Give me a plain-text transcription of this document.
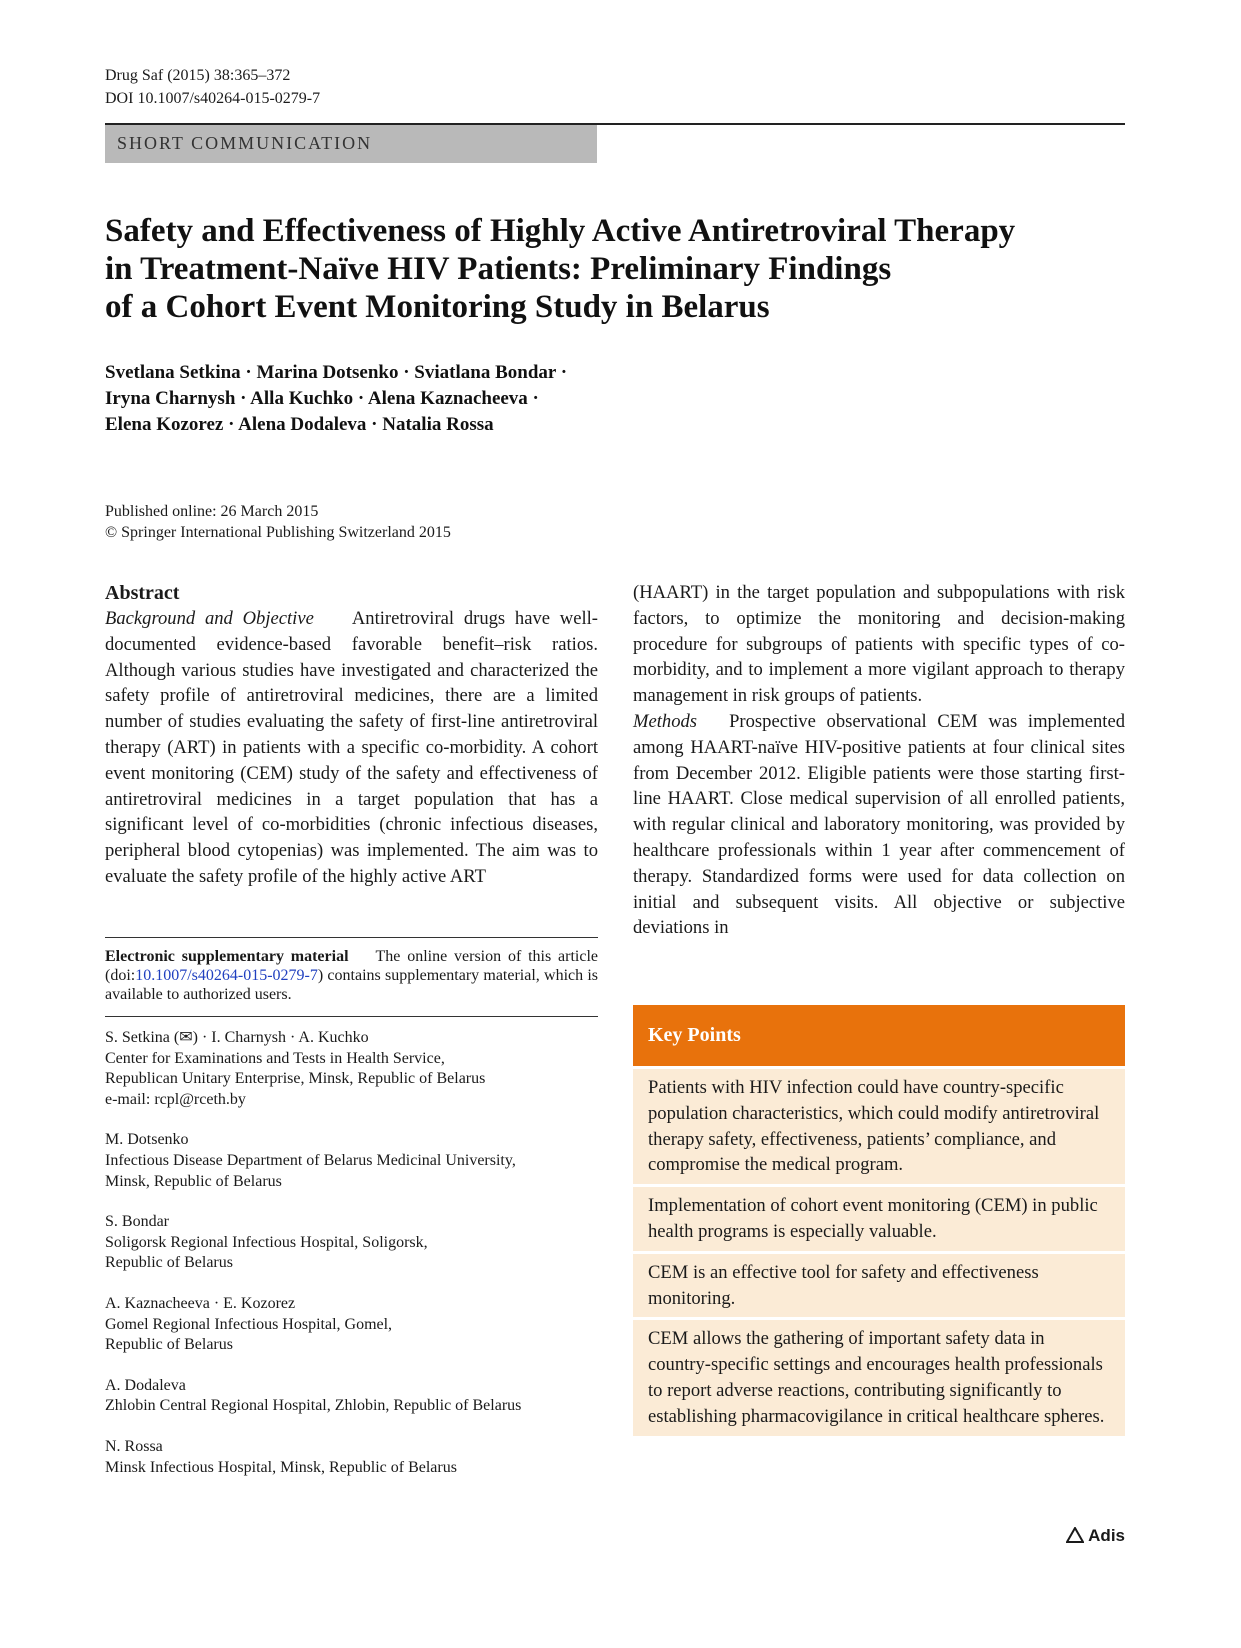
Drug Saf (2015) 38:365–372
DOI 10.1007/s40264-015-0279-7
SHORT COMMUNICATION
Safety and Effectiveness of Highly Active Antiretroviral Therapy
in Treatment-Naïve HIV Patients: Preliminary Findings
of a Cohort Event Monitoring Study in Belarus
Svetlana Setkina · Marina Dotsenko · Sviatlana Bondar ·
Iryna Charnysh · Alla Kuchko · Alena Kaznacheeva ·
Elena Kozorez · Alena Dodaleva · Natalia Rossa
Published online: 26 March 2015
© Springer International Publishing Switzerland 2015
Abstract
Background and Objective Antiretroviral drugs have well-documented evidence-based favorable benefit–risk ratios. Although various studies have investigated and characterized the safety profile of antiretroviral medicines, there are a limited number of studies evaluating the safety of first-line antiretroviral therapy (ART) in patients with a specific co-morbidity. A cohort event monitoring (CEM) study of the safety and effectiveness of antiretroviral medicines in a target population that has a significant level of co-morbidities (chronic infectious diseases, peripheral blood cytopenias) was implemented. The aim was to evaluate the safety profile of the highly active ART
(HAART) in the target population and subpopulations with risk factors, to optimize the monitoring and decision-making procedure for subgroups of patients with specific types of co-morbidity, and to implement a more vigilant approach to therapy management in risk groups of patients.
Methods Prospective observational CEM was implemented among HAART-naïve HIV-positive patients at four clinical sites from December 2012. Eligible patients were those starting first-line HAART. Close medical supervision of all enrolled patients, with regular clinical and laboratory monitoring, was provided by healthcare professionals within 1 year after commencement of therapy. Standardized forms were used for data collection on initial and subsequent visits. All objective or subjective deviations in
Electronic supplementary material The online version of this article (doi:10.1007/s40264-015-0279-7) contains supplementary material, which is available to authorized users.
S. Setkina (✉) · I. Charnysh · A. Kuchko
Center for Examinations and Tests in Health Service,
Republican Unitary Enterprise, Minsk, Republic of Belarus
e-mail: rcpl@rceth.by
M. Dotsenko
Infectious Disease Department of Belarus Medicinal University,
Minsk, Republic of Belarus
S. Bondar
Soligorsk Regional Infectious Hospital, Soligorsk,
Republic of Belarus
A. Kaznacheeva · E. Kozorez
Gomel Regional Infectious Hospital, Gomel,
Republic of Belarus
A. Dodaleva
Zhlobin Central Regional Hospital, Zhlobin, Republic of Belarus
N. Rossa
Minsk Infectious Hospital, Minsk, Republic of Belarus
Key Points
Patients with HIV infection could have country-specific population characteristics, which could modify antiretroviral therapy safety, effectiveness, patients’ compliance, and compromise the medical program.
Implementation of cohort event monitoring (CEM) in public health programs is especially valuable.
CEM is an effective tool for safety and effectiveness monitoring.
CEM allows the gathering of important safety data in country-specific settings and encourages health professionals to report adverse reactions, contributing significantly to establishing pharmacovigilance in critical healthcare spheres.
Adis
